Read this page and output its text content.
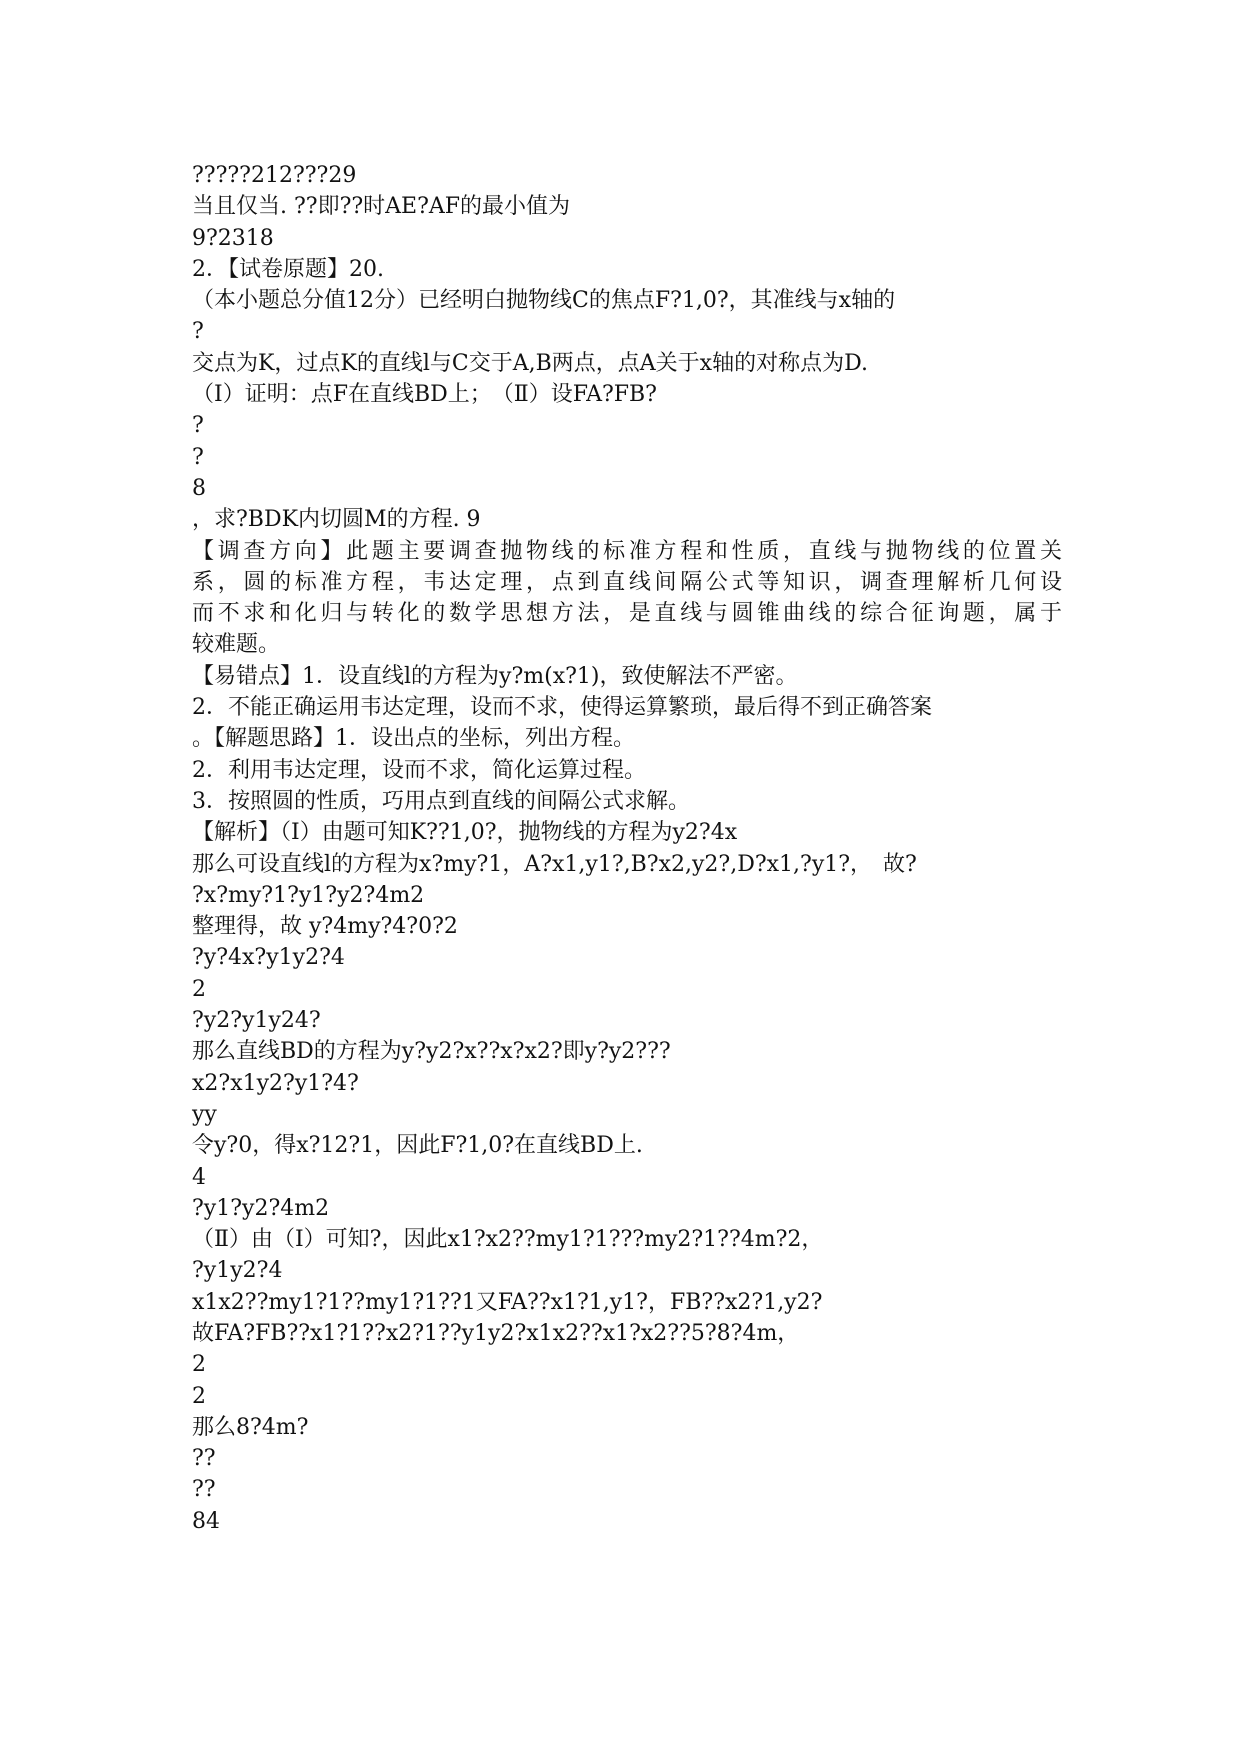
?????212???29
当且仅当. ??即??时AE?AF的最小值为
9?2318
2．【试卷原题】20.
（本小题总分值12分）已经明白抛物线C的焦点F?1,0?，其准线与x轴的
?
交点为K，过点K的直线l与C交于A,B两点，点A关于x轴的对称点为D.
（Ⅰ）证明：点F在直线BD上；　（Ⅱ）设FA?FB?
?
?
8
，求?BDK内切圆M的方程. 9
【调查方向】此题主要调查抛物线的标准方程和性质，直线与抛物线的位置关
系，圆的标准方程，韦达定理，点到直线间隔公式等知识，调查理解析几何设
而不求和化归与转化的数学思想方法，是直线与圆锥曲线的综合征询题，属于
较难题。
【易错点】1．设直线l的方程为y?m(x?1)，致使解法不严密。
2．不能正确运用韦达定理，设而不求，使得运算繁琐，最后得不到正确答案
。【解题思路】1．设出点的坐标，列出方程。
2．利用韦达定理，设而不求，简化运算过程。
3．按照圆的性质，巧用点到直线的间隔公式求解。
【解析】（Ⅰ）由题可知K??1,0?，抛物线的方程为y2?4x
那么可设直线l的方程为x?my?1，A?x1,y1?,B?x2,y2?,D?x1,?y1?，　故?
?x?my?1?y1?y2?4m2
整理得，故 y?4my?4?0?2
?y?4x?y1y2?4
2
?y2?y1y24?
那么直线BD的方程为y?y2?x??x?x2?即y?y2???
x2?x1y2?y1?4?
yy
令y?0，得x?12?1，因此F?1,0?在直线BD上.
4
?y1?y2?4m2
（Ⅱ）由（Ⅰ）可知?，因此x1?x2??my1?1???my2?1??4m?2，
?y1y2?4
x1x2??my1?1??my1?1??1又FA??x1?1,y1?，FB??x2?1,y2?
故FA?FB??x1?1??x2?1??y1y2?x1x2??x1?x2??5?8?4m，
2
2
那么8?4m?
??
??
84
